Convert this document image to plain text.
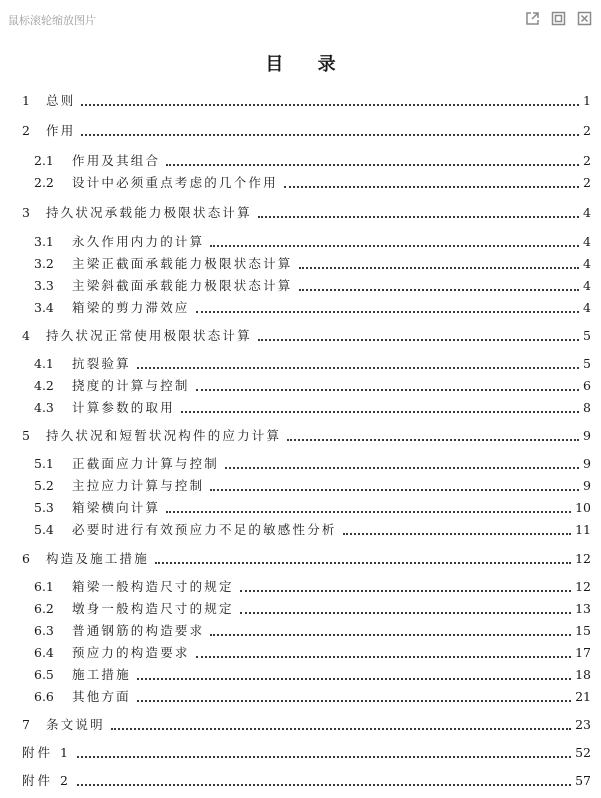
鼠标滚轮缩放图片
目 录
1	总则	1
2	作用	2
2.1	作用及其组合	2
2.2	设计中必须重点考虑的几个作用	2
3	持久状况承载能力极限状态计算	4
3.1	永久作用内力的计算	4
3.2	主梁正截面承载能力极限状态计算	4
3.3	主梁斜截面承载能力极限状态计算	4
3.4	箱梁的剪力滞效应	4
4	持久状况正常使用极限状态计算	5
4.1	抗裂验算	5
4.2	挠度的计算与控制	6
4.3	计算参数的取用	8
5	持久状况和短暂状况构件的应力计算	9
5.1	正截面应力计算与控制	9
5.2	主拉应力计算与控制	9
5.3	箱梁横向计算	10
5.4	必要时进行有效预应力不足的敏感性分析	11
6	构造及施工措施	12
6.1	箱梁一般构造尺寸的规定	12
6.2	墩身一般构造尺寸的规定	13
6.3	普通钢筋的构造要求	15
6.4	预应力的构造要求	17
6.5	施工措施	18
6.6	其他方面	21
7	条文说明	23
附件 1	52
附件 2	57
